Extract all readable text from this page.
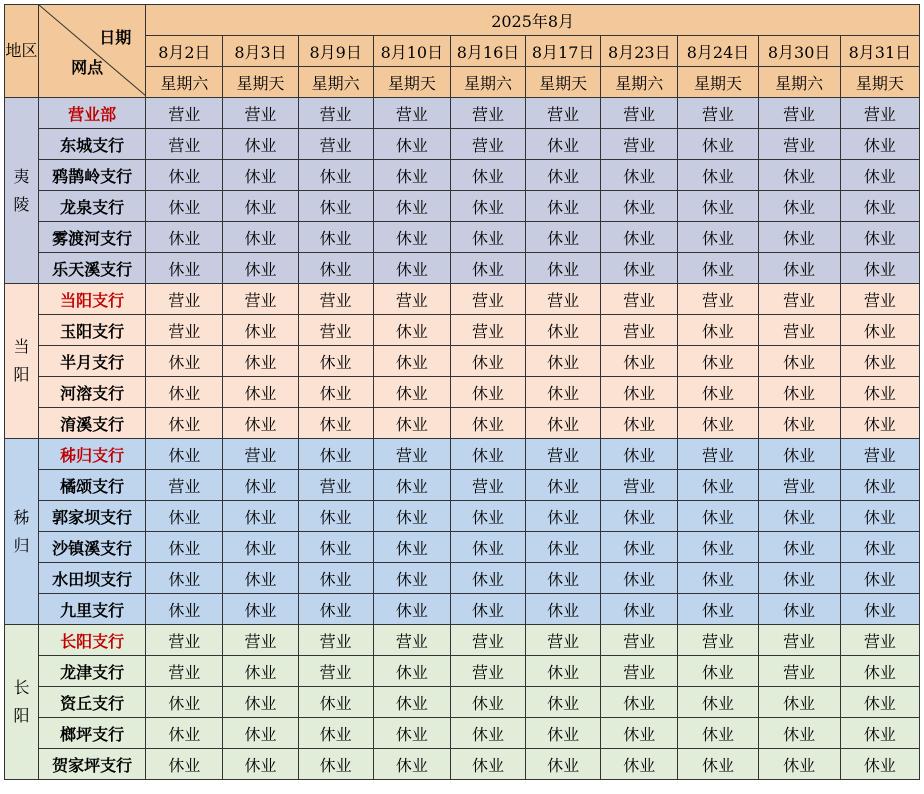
地区	日期
网点	2025年8月									
		8月2日	8月3日	8月9日	8月10日	8月16日	8月17日	8月23日	8月24日	8月30日	8月31日
		星期六	星期天	星期六	星期天	星期六	星期天	星期六	星期天	星期六	星期天

夷
陵	营业部	营业	营业	营业	营业	营业	营业	营业	营业	营业	营业
	东城支行	营业	休业	营业	休业	营业	休业	营业	休业	营业	休业
	鸦鹊岭支行	休业	休业	休业	休业	休业	休业	休业	休业	休业	休业
	龙泉支行	休业	休业	休业	休业	休业	休业	休业	休业	休业	休业
	雾渡河支行	休业	休业	休业	休业	休业	休业	休业	休业	休业	休业
	乐天溪支行	休业	休业	休业	休业	休业	休业	休业	休业	休业	休业

当
阳	当阳支行	营业	营业	营业	营业	营业	营业	营业	营业	营业	营业
	玉阳支行	营业	休业	营业	休业	营业	休业	营业	休业	营业	休业
	半月支行	休业	休业	休业	休业	休业	休业	休业	休业	休业	休业
	河溶支行	休业	休业	休业	休业	休业	休业	休业	休业	休业	休业
	淯溪支行	休业	休业	休业	休业	休业	休业	休业	休业	休业	休业

秭
归	秭归支行	休业	营业	休业	营业	休业	营业	休业	营业	休业	营业
	橘颂支行	营业	休业	营业	休业	营业	休业	营业	休业	营业	休业
	郭家坝支行	休业	休业	休业	休业	休业	休业	休业	休业	休业	休业
	沙镇溪支行	休业	休业	休业	休业	休业	休业	休业	休业	休业	休业
	水田坝支行	休业	休业	休业	休业	休业	休业	休业	休业	休业	休业
	九里支行	休业	休业	休业	休业	休业	休业	休业	休业	休业	休业

长
阳	长阳支行	营业	营业	营业	营业	营业	营业	营业	营业	营业	营业
	龙津支行	营业	休业	营业	休业	营业	休业	营业	休业	营业	休业
	资丘支行	休业	休业	休业	休业	休业	休业	休业	休业	休业	休业
	榔坪支行	休业	休业	休业	休业	休业	休业	休业	休业	休业	休业
	贺家坪支行	休业	休业	休业	休业	休业	休业	休业	休业	休业	休业
